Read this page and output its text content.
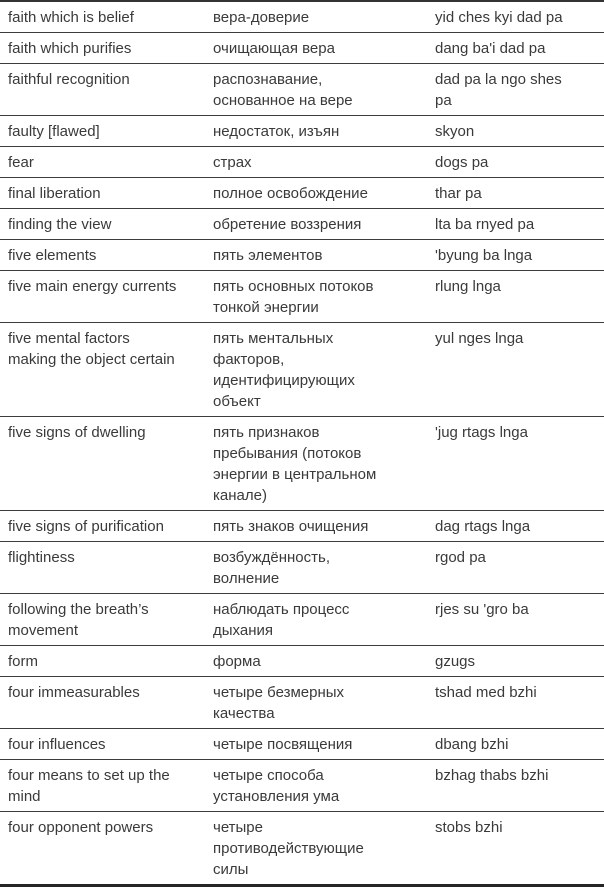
faith which is belief	вера-доверие	yid ches kyi dad pa
faith which purifies	очищающая вера	dang ba'i dad pa
faithful recognition	распознавание, основанное на вере	dad pa la ngo shes pa
faulty [flawed]	недостаток, изъян	skyon
fear	страх	dogs pa
final liberation	полное освобождение	thar pa
finding the view	обретение воззрения	lta ba rnyed pa
five elements	пять элементов	'byung ba lnga
five main energy currents	пять основных потоков тонкой энергии	rlung lnga
five mental factors making the object certain	пять ментальных факторов, идентифицирующих объект	yul nges lnga
five signs of dwelling	пять признаков пребывания (потоков энергии в центральном канале)	'jug rtags lnga
five signs of purification	пять знаков очищения	dag rtags lnga
flightiness	возбуждённость, волнение	rgod pa
following the breath’s movement	наблюдать процесс дыхания	rjes su 'gro ba
form	форма	gzugs
four immeasurables	четыре безмерных качества	tshad med bzhi
four influences	четыре посвящения	dbang bzhi
four means to set up the mind	четыре способа установления ума	bzhag thabs bzhi
four opponent powers	четыре противодействующие силы	stobs bzhi
